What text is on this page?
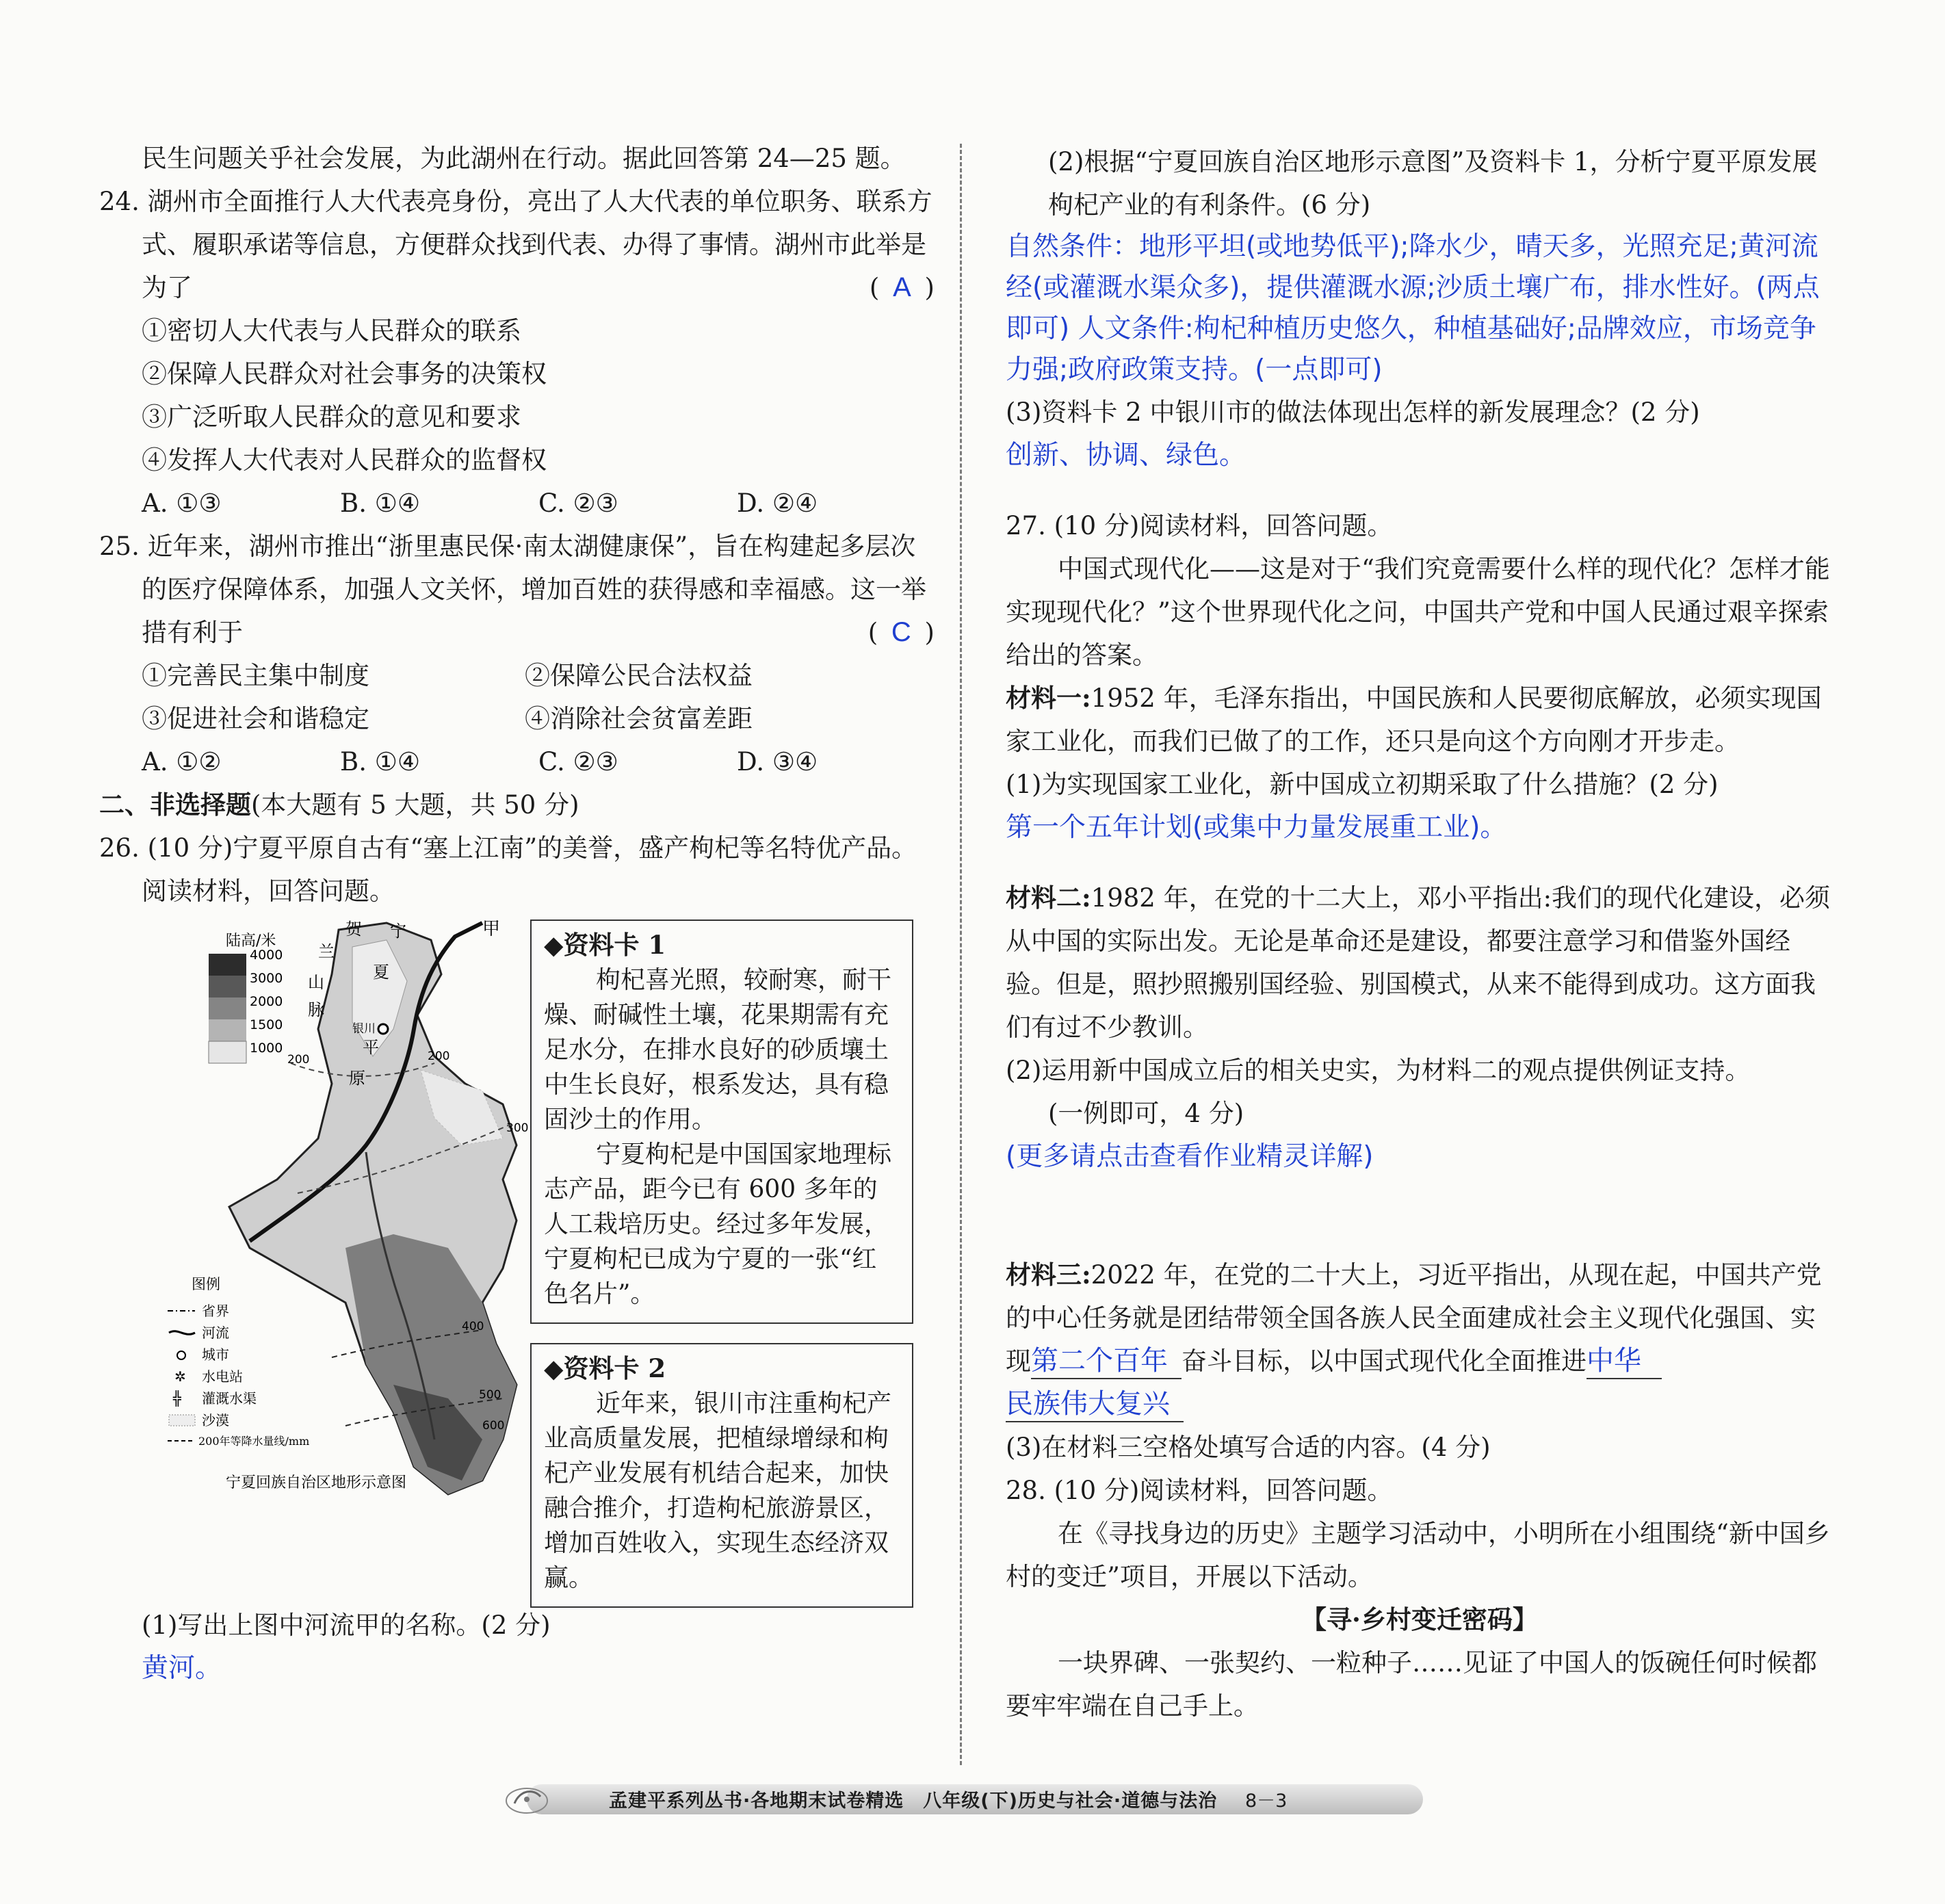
民生问题关乎社会发展，为此湖州在行动。据此回答第 24—25 题。

24. 湖州市全面推行人大代表亮身份，亮出了人大代表的单位职务、联系方式、履职承诺等信息，方便群众找到代表、办得了事情。湖州市此举是为了	( A )

①密切人大代表与人民群众的联系

②保障人民群众对社会事务的决策权

③广泛听取人民群众的意见和要求

④发挥人大代表对人民群众的监督权

A. ①③	B. ①④	C. ②③	D. ②④

25. 近年来，湖州市推出“浙里惠民保·南太湖健康保”，旨在构建起多层次的医疗保障体系，加强人文关怀，增加百姓的获得感和幸福感。这一举措有利于	( C )

①完善民主集中制度	②保障公民合法权益
③促进社会和谐稳定	④消除社会贫富差距
A. ①②	B. ①④	C. ②③	D. ③④

二、非选择题(本大题有 5 大题，共 50 分)

26. (10 分)宁夏平原自古有“塞上江南”的美誉，盛产枸杞等名特优产品。阅读材料，回答问题。

陆高/米
4000
3000
2000
1500
1000
贺
兰
山
脉
宁
夏
平
原
银川
甲
200	200
300
400
500
600
图例
省界
河流
城市
✲ 水电站
╬ 灌溉水渠
沙漠
200年等降水量线/mm
宁夏回族自治区地形示意图
◆资料卡 1

枸杞喜光照，较耐寒，耐干燥、耐碱性土壤，花果期需有充足水分，在排水良好的砂质壤土中生长良好，根系发达，具有稳固沙土的作用。

宁夏枸杞是中国国家地理标志产品，距今已有 600 多年的人工栽培历史。经过多年发展，宁夏枸杞已成为宁夏的一张“红色名片”。

◆资料卡 2

近年来，银川市注重枸杞产业高质量发展，把植绿增绿和枸杞产业发展有机结合起来，加快融合推介，打造枸杞旅游景区，增加百姓收入，实现生态经济双赢。

(1)写出上图中河流甲的名称。(2 分)

黄河。

(2)根据“宁夏回族自治区地形示意图”及资料卡 1，分析宁夏平原发展枸杞产业的有利条件。(6 分)

自然条件：地形平坦(或地势低平);降水少，晴天多，光照充足;黄河流经(或灌溉水渠众多)，提供灌溉水源;沙质土壤广布，排水性好。(两点即可) 人文条件:枸杞种植历史悠久，种植基础好;品牌效应，市场竞争力强;政府政策支持。(一点即可)

(3)资料卡 2 中银川市的做法体现出怎样的新发展理念？(2 分)

创新、协调、绿色。

27. (10 分)阅读材料，回答问题。

中国式现代化——这是对于“我们究竟需要什么样的现代化？怎样才能实现现代化？”这个世界现代化之问，中国共产党和中国人民通过艰辛探索给出的答案。

材料一:1952 年，毛泽东指出，中国民族和人民要彻底解放，必须实现国家工业化，而我们已做了的工作，还只是向这个方向刚才开步走。

(1)为实现国家工业化，新中国成立初期采取了什么措施？(2 分)

第一个五年计划(或集中力量发展重工业)。

材料二:1982 年，在党的十二大上，邓小平指出:我们的现代化建设，必须从中国的实际出发。无论是革命还是建设，都要注意学习和借鉴外国经验。但是，照抄照搬别国经验、别国模式，从来不能得到成功。这方面我们有过不少教训。

(2)运用新中国成立后的相关史实，为材料二的观点提供例证支持。

(一例即可，4 分)

(更多请点击查看作业精灵详解)

材料三:2022 年，在党的二十大上，习近平指出，从现在起，中国共产党的中心任务就是团结带领全国各族人民全面建成社会主义现代化强国、实现第二个百年 奋斗目标，以中国式现代化全面推进中华
民族伟大复兴

(3)在材料三空格处填写合适的内容。(4 分)

28. (10 分)阅读材料，回答问题。

在《寻找身边的历史》主题学习活动中，小明所在小组围绕“新中国乡村的变迁”项目，开展以下活动。

【寻·乡村变迁密码】

一块界碑、一张契约、一粒种子……见证了中国人的饭碗任何时候都要牢牢端在自己手上。

孟建平系列丛书·各地期末试卷精选　八年级(下)历史与社会·道德与法治 8－3
